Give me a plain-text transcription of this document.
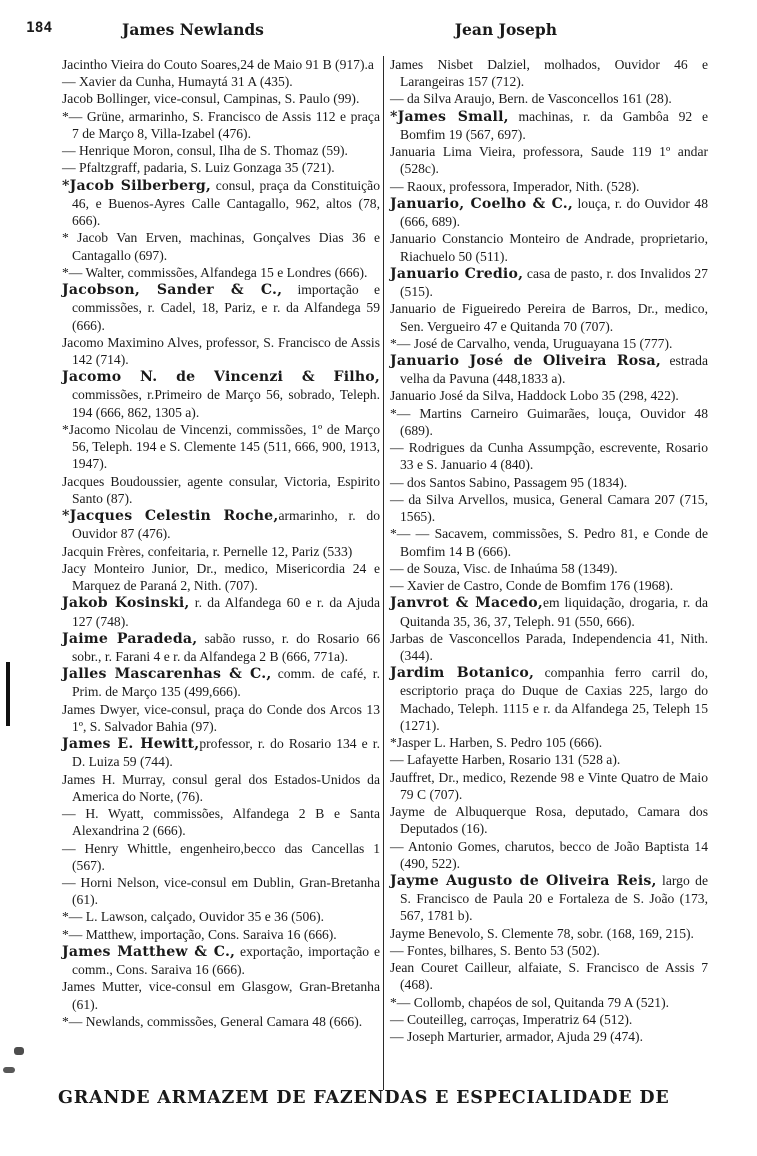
184	James Newlands	Jean Joseph
Jacintho Vieira do Couto Soares,24 de Maio 91 B (917).a
— Xavier da Cunha, Humaytá 31 A (435).
Jacob Bollinger, vice-consul, Campinas, S. Paulo (99).
*— Grüne, armarinho, S. Francisco de Assis 112 e praça 7 de Março 8, Villa-Izabel (476).
— Henrique Moron, consul, Ilha de S. Thomaz (59).
— Pfaltzgraff, padaria, S. Luiz Gonzaga 35 (721).
*Jacob Silberberg, consul, praça da Constituição 46, e Buenos-Ayres Calle Cantagallo, 962, altos (78, 666).
* Jacob Van Erven, machinas, Gonçalves Dias 36 e Cantagallo (697).
*— Walter, commissões, Alfandega 15 e Londres (666).
Jacobson, Sander & C., importação e commissões, r. Cadel, 18, Pariz, e r. da Alfandega 59 (666).
Jacomo Maximino Alves, professor, S. Francisco de Assis 142 (714).
Jacomo N. de Vincenzi & Filho, commissões, r.Primeiro de Março 56, sobrado, Teleph. 194 (666, 862, 1305 a).
*Jacomo Nicolau de Vincenzi, commissões, 1º de Março 56, Teleph. 194 e S. Clemente 145 (511, 666, 900, 1913, 1947).
Jacques Boudoussier, agente consular, Victoria, Espirito Santo (87).
*Jacques Celestin Roche,armarinho, r. do Ouvidor 87 (476).
Jacquin Frères, confeitaria, r. Pernelle 12, Pariz (533)
Jacy Monteiro Junior, Dr., medico, Misericordia 24 e Marquez de Paraná 2, Nith. (707).
Jakob Kosinski, r. da Alfandega 60 e r. da Ajuda 127 (748).
Jaime Paradeda, sabão russo, r. do Rosario 66 sobr., r. Farani 4 e r. da Alfandega 2 B (666, 771a).
Jalles Mascarenhas & C., comm. de café, r. Prim. de Março 135 (499,666).
James Dwyer, vice-consul, praça do Conde dos Arcos 13 1º, S. Salvador Bahia (97).
James E. Hewitt,professor, r. do Rosario 134 e r. D. Luiza 59 (744).
James H. Murray, consul geral dos Estados-Unidos da America do Norte, (76).
— H. Wyatt, commissões, Alfandega 2 B e Santa Alexandrina 2 (666).
— Henry Whittle, engenheiro,becco das Cancellas 1 (567).
— Horni Nelson, vice-consul em Dublin, Gran-Bretanha (61).
*— L. Lawson, calçado, Ouvidor 35 e 36 (506).
*— Matthew, importação, Cons. Saraiva 16 (666).
James Matthew & C., exportação, importação e comm., Cons. Saraiva 16 (666).
James Mutter, vice-consul em Glasgow, Gran-Bretanha (61).
*— Newlands, commissões, General Camara 48 (666).
James Nisbet Dalziel, molhados, Ouvidor 46 e Larangeiras 157 (712).
— da Silva Araujo, Bern. de Vasconcellos 161 (28).
*James Small, machinas, r. da Gambôa 92 e Bomfim 19 (567, 697).
Januaria Lima Vieira, professora, Saude 119 1º andar (528c).
— Raoux, professora, Imperador, Nith. (528).
Januario, Coelho & C., louça, r. do Ouvidor 48 (666, 689).
Januario Constancio Monteiro de Andrade, proprietario, Riachuelo 50 (511).
Januario Credio, casa de pasto, r. dos Invalidos 27 (515).
Januario de Figueiredo Pereira de Barros, Dr., medico, Sen. Vergueiro 47 e Quitanda 70 (707).
*— José de Carvalho, venda, Uruguayana 15 (777).
Januario José de Oliveira Rosa, estrada velha da Pavuna (448,1833 a).
Januario José da Silva, Haddock Lobo 35 (298, 422).
*— Martins Carneiro Guimarães, louça, Ouvidor 48 (689).
— Rodrigues da Cunha Assumpção, escrevente, Rosario 33 e S. Januario 4 (840).
— dos Santos Sabino, Passagem 95 (1834).
— da Silva Arvellos, musica, General Camara 207 (715, 1565).
*— — Sacavem, commissões, S. Pedro 81, e Conde de Bomfim 14 B (666).
— de Souza, Visc. de Inhaúma 58 (1349).
— Xavier de Castro, Conde de Bomfim 176 (1968).
Janvrot & Macedo,em liquidação, drogaria, r. da Quitanda 35, 36, 37, Teleph. 91 (550, 666).
Jarbas de Vasconcellos Parada, Independencia 41, Nith. (344).
Jardim Botanico, companhia ferro carril do, escriptorio praça do Duque de Caxias 225, largo do Machado, Teleph. 1115 e r. da Alfandega 25, Teleph 15 (1271).
*Jasper L. Harben, S. Pedro 105 (666).
— Lafayette Harben, Rosario 131 (528 a).
Jauffret, Dr., medico, Rezende 98 e Vinte Quatro de Maio 79 C (707).
Jayme de Albuquerque Rosa, deputado, Camara dos Deputados (16).
— Antonio Gomes, charutos, becco de João Baptista 14 (490, 522).
Jayme Augusto de Oliveira Reis, largo de S. Francisco de Paula 20 e Fortaleza de S. João (173, 567, 1781 b).
Jayme Benevolo, S. Clemente 78, sobr. (168, 169, 215).
— Fontes, bilhares, S. Bento 53 (502).
Jean Couret Cailleur, alfaiate, S. Francisco de Assis 7 (468).
*— Collomb, chapéos de sol, Quitanda 79 A (521).
— Couteilleg, carroças, Imperatriz 64 (512).
— Joseph Marturier, armador, Ajuda 29 (474).
GRANDE ARMAZEM DE FAZENDAS E ESPECIALIDADE DE
